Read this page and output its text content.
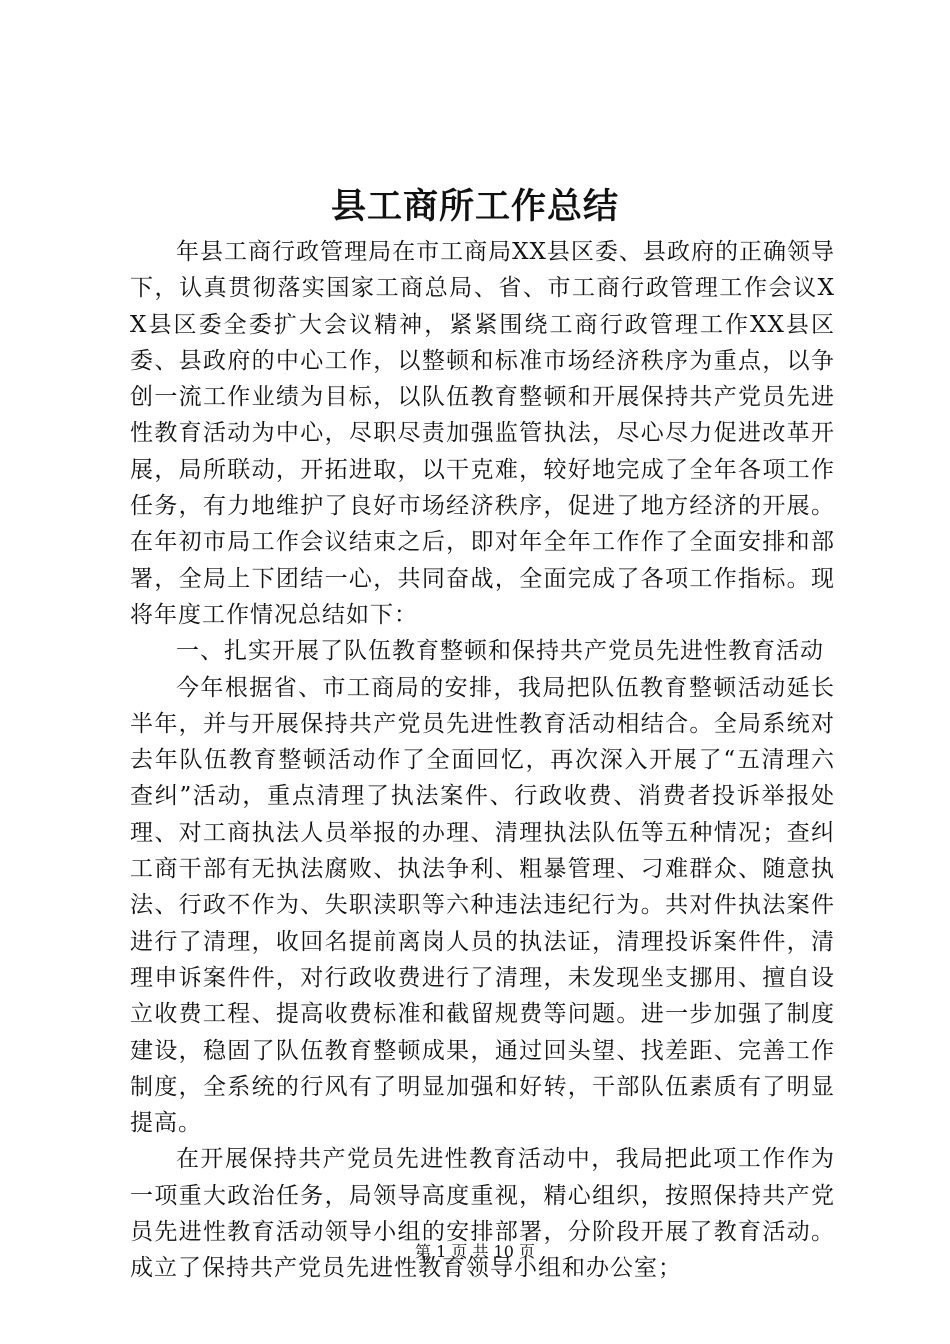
县工商所工作总结

年县工商行政管理局在市工商局XX县区委、县政府的正确领导下，认真贯彻落实国家工商总局、省、市工商行政管理工作会议XX县区委全委扩大会议精神，紧紧围绕工商行政管理工作XX县区委、县政府的中心工作，以整顿和标准市场经济秩序为重点，以争创一流工作业绩为目标，以队伍教育整顿和开展保持共产党员先进性教育活动为中心，尽职尽责加强监管执法，尽心尽力促进改革开展，局所联动，开拓进取，以干克难，较好地完成了全年各项工作任务，有力地维护了良好市场经济秩序，促进了地方经济的开展。在年初市局工作会议结束之后，即对年全年工作作了全面安排和部署，全局上下团结一心，共同奋战，全面完成了各项工作指标。现将年度工作情况总结如下：

一、扎实开展了队伍教育整顿和保持共产党员先进性教育活动

今年根据省、市工商局的安排，我局把队伍教育整顿活动延长半年，并与开展保持共产党员先进性教育活动相结合。全局系统对去年队伍教育整顿活动作了全面回忆，再次深入开展了“五清理六查纠”活动，重点清理了执法案件、行政收费、消费者投诉举报处理、对工商执法人员举报的办理、清理执法队伍等五种情况；查纠工商干部有无执法腐败、执法争利、粗暴管理、刁难群众、随意执法、行政不作为、失职渎职等六种违法违纪行为。共对件执法案件进行了清理，收回名提前离岗人员的执法证，清理投诉案件件，清理申诉案件件，对行政收费进行了清理，未发现坐支挪用、擅自设立收费工程、提高收费标准和截留规费等问题。进一步加强了制度建设，稳固了队伍教育整顿成果，通过回头望、找差距、完善工作制度，全系统的行风有了明显加强和好转，干部队伍素质有了明显提高。

在开展保持共产党员先进性教育活动中，我局把此项工作作为一项重大政治任务，局领导高度重视，精心组织，按照保持共产党员先进性教育活动领导小组的安排部署，分阶段开展了教育活动。成立了保持共产党员先进性教育领导小组和办公室；

第 1 页 共 10 页
